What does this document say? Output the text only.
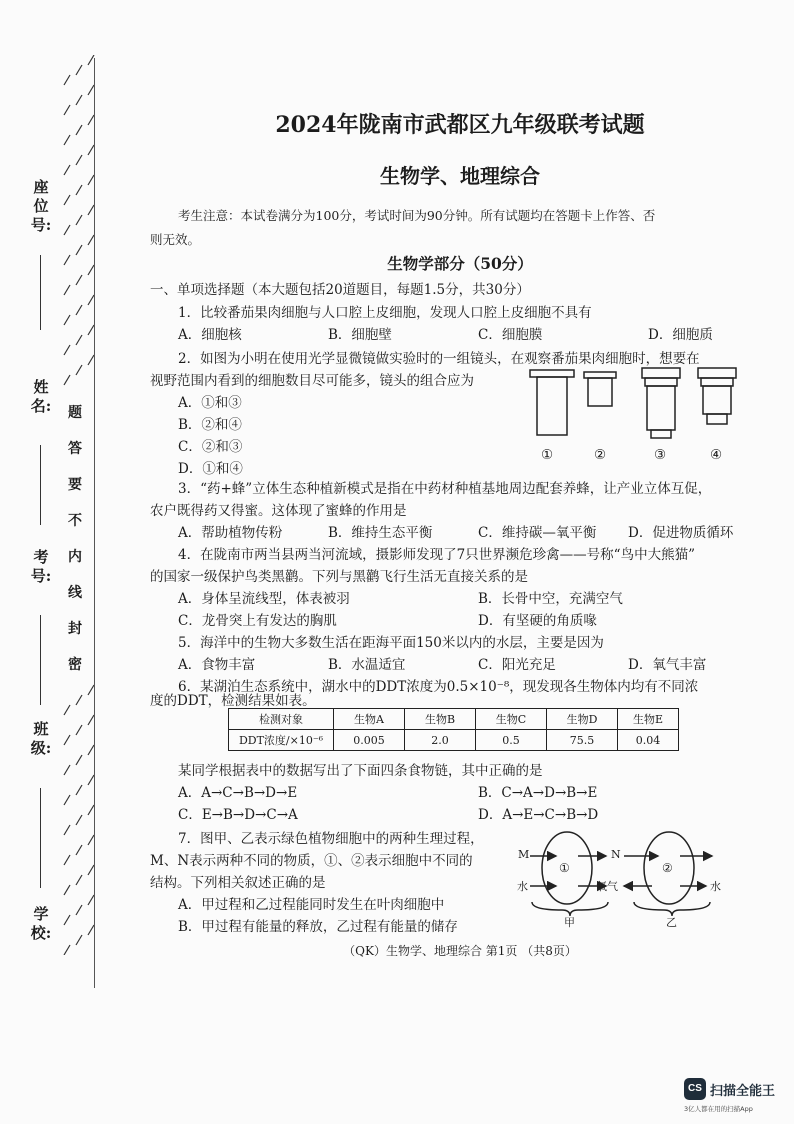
座位号:
姓名:
考号:
班级:
学校:
题
答
要
不
内
线
封
密
2024年陇南市武都区九年级联考试题
生物学、地理综合
考生注意：本试卷满分为100分，考试时间为90分钟。所有试题均在答题卡上作答、否
则无效。
生物学部分（50分）
一、单项选择题（本大题包括20道题目，每题1.5分，共30分）
1．比较番茄果肉细胞与人口腔上皮细胞，发现人口腔上皮细胞不具有
A．细胞核	B．细胞壁	C．细胞膜	D．细胞质
2．如图为小明在使用光学显微镜做实验时的一组镜头，在观察番茄果肉细胞时，想要在
视野范围内看到的细胞数目尽可能多，镜头的组合应为
A．①和③
B．②和④
C．②和③
D．①和④
①	②	③	④
3．“药+蜂”立体生态种植新模式是指在中药材种植基地周边配套养蜂，让产业立体互促，
农户既得药又得蜜。这体现了蜜蜂的作用是
A．帮助植物传粉	B．维持生态平衡	C．维持碳—氧平衡 D．促进物质循环
4．在陇南市两当县两当河流域，摄影师发现了7只世界濒危珍禽——号称“鸟中大熊猫”
的国家一级保护鸟类黑鹳。下列与黑鹳飞行生活无直接关系的是
A．身体呈流线型，体表被羽	B．长骨中空，充满空气
C．龙骨突上有发达的胸肌	D．有坚硬的角质喙
5．海洋中的生物大多数生活在距海平面150米以内的水层，主要是因为
A．食物丰富	B．水温适宜	C．阳光充足	D．氧气丰富
6．某湖泊生态系统中，湖水中的DDT浓度为0.5×10⁻⁸，现发现各生物体内均有不同浓
度的DDT，检测结果如表。
检测对象	生物A	生物B	生物C	生物D	生物E
DDT浓度/×10⁻⁶	0.005	2.0	0.5	75.5	0.04
某同学根据表中的数据写出了下面四条食物链，其中正确的是
A．A→C→B→D→E	B．C→A→D→B→E
C．E→B→D→C→A	D．A→E→C→B→D
7．图甲、乙表示绿色植物细胞中的两种生理过程，
M、N表示两种不同的物质，①、②表示细胞中不同的
结构。下列相关叙述正确的是
A．甲过程和乙过程能同时发生在叶肉细胞中
B．甲过程有能量的释放，乙过程有能量的储存
M
水
N
氧气	水
①	②
甲	乙
（QK）生物学、地理综合 第1页 （共8页）
CS 扫描全能王
3亿人都在用的扫描App
